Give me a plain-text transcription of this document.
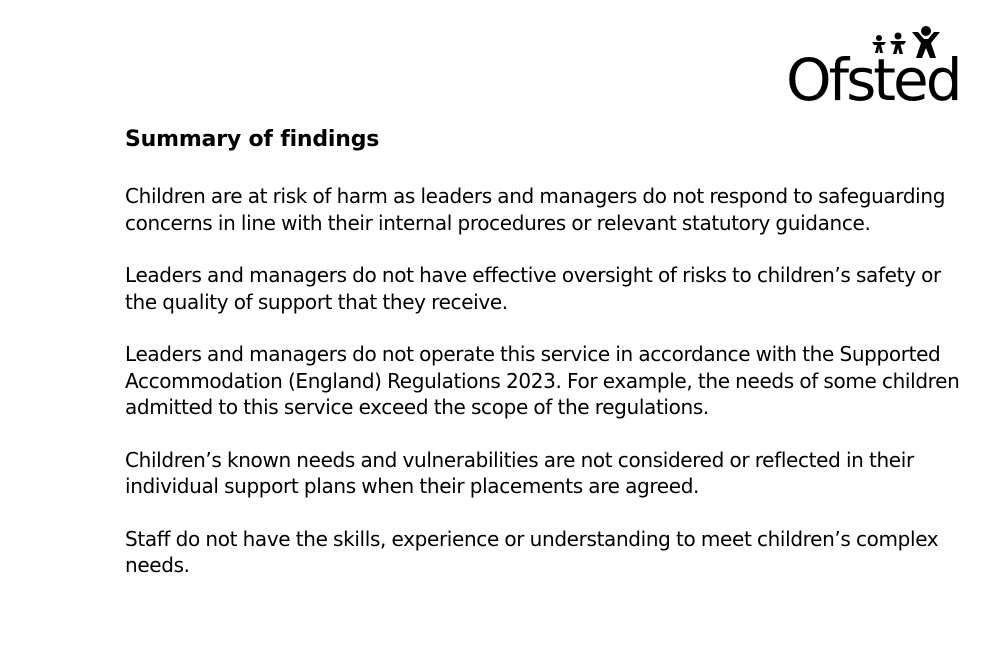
Ofsted
Summary of findings

Children are at risk of harm as leaders and managers do not respond to safeguarding concerns in line with their internal procedures or relevant statutory guidance.

Leaders and managers do not have effective oversight of risks to children’s safety or the quality of support that they receive.

Leaders and managers do not operate this service in accordance with the Supported Accommodation (England) Regulations 2023. For example, the needs of some children admitted to this service exceed the scope of the regulations.

Children’s known needs and vulnerabilities are not considered or reflected in their individual support plans when their placements are agreed.

Staff do not have the skills, experience or understanding to meet children’s complex needs.
